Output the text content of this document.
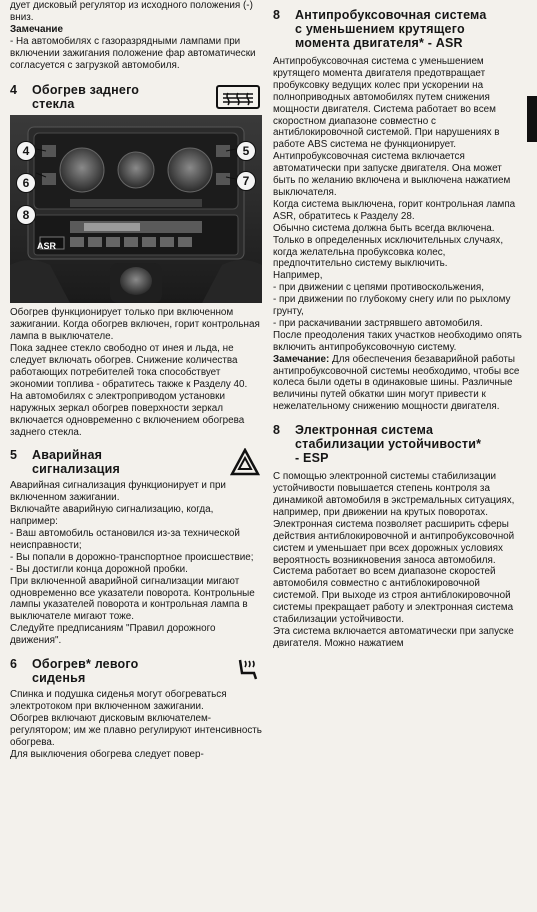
дует дисковый регулятор из исходного положения (-) вниз.

Замечание

- На автомобилях с газоразрядными лампами при включении зажигания положение фар автоматически согласуется с загрузкой автомобиля.

4 Обогрев заднего стекла
4	5
6	7
8
ASR

Обогрев функционирует только при включенном зажигании. Когда обогрев включен, горит контрольная лампа в выключателе.

Пока заднее стекло свободно от инея и льда, не следует включать обогрев. Снижение количества работающих потребителей тока способствует экономии топлива - обратитесь также к Разделу 40.

На автомобилях с электроприводом установки наружных зеркал обогрев поверхности зеркал включается одновременно с включением обогрева заднего стекла.

5 Аварийная сигнализация

Аварийная сигнализация функционирует и при включенном зажигании.

Включайте аварийную сигнализацию, когда, например:

- Ваш автомобиль остановился из-за технической неисправности;

- Вы попали в дорожно-транспортное происшествие;

- Вы достигли конца дорожной пробки.

При включенной аварийной сигнализации мигают одновременно все указатели поворота. Контрольные лампы указателей поворота и контрольная лампа в выключателе мигают тоже.

Следуйте предписаниям "Правил дорожного движения".

6 Обогрев* левого сиденья

Спинка и подушка сиденья могут обогреваться электротоком при включенном зажигании.

Обогрев включают дисковым включателем-регулятором; им же плавно регулируют интенсивность обогрева.

Для выключения обогрева следует повер-

8 Антипробуксовочная система с уменьшением крутящего момента двигателя* - ASR

Антипробуксовочная система с уменьшением крутящего момента двигателя предотвращает пробуксовку ведущих колес при ускорении на полноприводных автомобилях путем снижения мощности двигателя. Система работает во всем скоростном диапазоне совместно с антиблокировочной системой. При нарушениях в работе ABS система не функционирует.

Антипробуксовочная система включается автоматически при запуске двигателя. Она может быть по желанию включена и выключена нажатием выключателя.

Когда система выключена, горит контрольная лампа ASR, обратитесь к Разделу 28.

Обычно система должна быть всегда включена. Только в определенных исключительных случаях, когда желательна пробуксовка колес, предпочтительно систему выключить.

Например,

- при движении с цепями противоскольжения,

- при движении по глубокому снегу или по рыхлому грунту,

- при раскачивании застрявшего автомобиля.

После преодоления таких участков необходимо опять включить антипробуксовочную систему.

Замечание: Для обеспечения безаварийной работы антипробуксовочной системы необходимо, чтобы все колеса были одеты в одинаковые шины. Различные величины путей обкатки шин могут привести к нежелательному снижению мощности двигателя.

8 Электронная система стабилизации устойчивости* - ESP

С помощью электронной системы стабилизации устойчивости повышается степень контроля за динамикой автомобиля в экстремальных ситуациях, например, при движении на крутых поворотах. Электронная система позволяет расширить сферы действия антиблокировочной и антипробуксовочной систем и уменьшает при всех дорожных условиях вероятность возникновения заноса автомобиля.

Система работает во всем диапазоне скоростей автомобиля совместно с антиблокировочной системой. При выходе из строя антиблокировочной системы прекращает работу и электронная система стабилизации устойчивости.

Эта система включается автоматически при запуске двигателя. Можно нажатием
